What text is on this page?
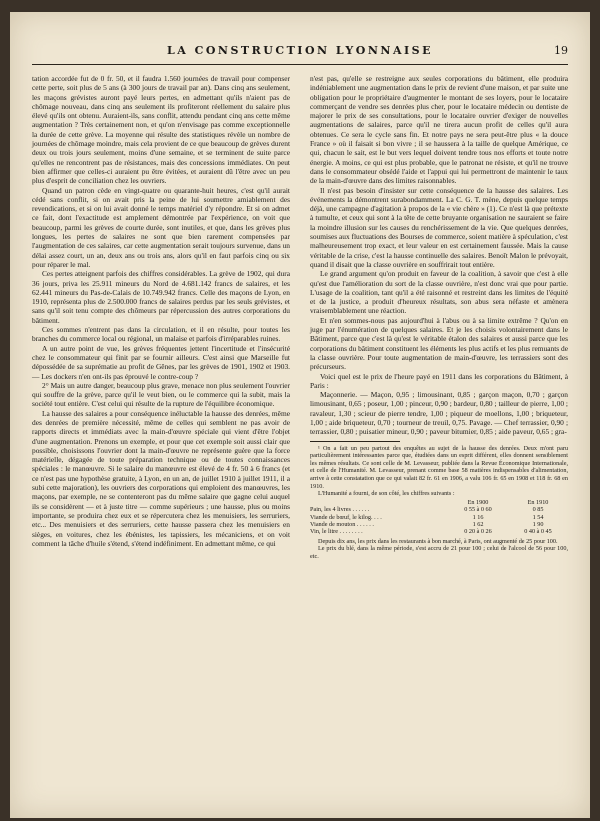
LA CONSTRUCTION LYONNAISE	19

tation accordée fut de 0 fr. 50, et il faudra 1.560 journées de travail pour compenser cette perte, soit plus de 5 ans (à 300 jours de travail par an). Dans cinq ans seulement, les maçons grévistes auront payé leurs pertes, en admettant qu'ils n'aient pas de chômage nouveau, dans cinq ans seulement ils profiteront réellement du salaire plus élevé qu'ils ont obtenu. Auraient-ils, sans conflit, attendu pendant cinq ans cette même augmentation ? Très certainement non, et qu'on n'envisage pas comme exceptionnelle la durée de cette grève. La moyenne qui résulte des statistiques révèle un nombre de journées de chômage moindre, mais cela provient de ce que beaucoup de grèves durent deux ou trois jours seulement, moins d'une semaine, et se terminent de suite parce qu'elles ne rencontrent pas de résistances, mais des concessions immédiates. On peut bien affirmer que celles-ci auraient pu être évitées, et auraient dû l'être avec un peu plus d'esprit de conciliation chez les ouvriers.

Quand un patron cède en vingt-quatre ou quarante-huit heures, c'est qu'il aurait cédé sans conflit, si on avait pris la peine de lui soumettre amiablement des revendications, et si on lui avait donné le temps matériel d'y répondre. Et si on admet ce fait, dont l'exactitude est amplement démontrée par l'expérience, on voit que beaucoup, parmi les grèves de courte durée, sont inutiles, et que, dans les grèves plus longues, les pertes de salaires ne sont que bien rarement compensées par l'augmentation de ces salaires, car cette augmentation serait toujours survenue, dans un délai assez court, un an, deux ans ou trois ans, alors qu'il en faut parfois cinq ou six pour réparer le mal.

Ces pertes atteignent parfois des chiffres considérables. La grève de 1902, qui dura 36 jours, priva les 25.911 mineurs du Nord de 4.681.142 francs de salaires, et les 62.441 mineurs du Pas-de-Calais de 10.749.942 francs. Celle des maçons de Lyon, en 1910, représenta plus de 2.500.000 francs de salaires perdus par les seuls grévistes, et sans qu'il soit tenu compte des chômeurs par répercussion des autres corporations du bâtiment.

Ces sommes n'entrent pas dans la circulation, et il en résulte, pour toutes les branches du commerce local ou régional, un malaise et parfois d'irréparables ruines.

A un autre point de vue, les grèves fréquentes jettent l'incertitude et l'insécurité chez le consommateur qui finit par se fournir ailleurs. C'est ainsi que Marseille fut dépossédée de sa suprématie au profit de Gênes, par les grèves de 1901, 1902 et 1903. — Les dockers n'en ont-ils pas éprouvé le contre-coup ?

2° Mais un autre danger, beaucoup plus grave, menace non plus seulement l'ouvrier qui souffre de la grève, parce qu'il le veut bien, ou le commerce qui la subit, mais la société tout entière. C'est celui qui résulte de la rupture de l'équilibre économique.

La hausse des salaires a pour conséquence inéluctable la hausse des denrées, même des denrées de première nécessité, même de celles qui semblent ne pas avoir de rapports directs et immédiats avec la main-d'œuvre spéciale qui vient d'être l'objet d'une augmentation. Prenons un exemple, et pour que cet exemple soit aussi clair que possible, choisissons l'ouvrier dont la main-d'œuvre ne représente guère que la force matérielle, dégagée de toute préparation technique ou de toutes connaissances spéciales : le manœuvre. Si le salaire du manœuvre est élevé de 4 fr. 50 à 6 francs (et ce n'est pas une hypothèse gratuite, à Lyon, en un an, de juillet 1910 à juillet 1911, il a subi cette majoration), les ouvriers des corporations qui emploient des manœuvres, les maçons, par exemple, ne se contenteront pas du même salaire que gagne celui auquel ils se considèrent — et à juste titre — comme supérieurs ; une hausse, plus ou moins importante, se produira chez eux et se répercutera chez les menuisiers, les serruriers, etc... Des menuisiers et des serruriers, cette hausse passera chez les menuisiers en sièges, en voitures, chez les ébénistes, les tapissiers, les mécaniciens, et on voit comment la tâche d'huile s'étend, s'étend indéfiniment. En admettant même, ce qui

n'est pas, qu'elle se restreigne aux seules corporations du bâtiment, elle produira indéniablement une augmentation dans le prix de revient d'une maison, et par suite une obligation pour le propriétaire d'augmenter le montant de ses loyers, pour le locataire commerçant de vendre ses denrées plus cher, pour le locataire médecin ou dentiste de majorer le prix de ses consultations, pour le locataire ouvrier d'exiger de nouvelles augmentations de salaires, parce qu'il ne tirera aucun profit de celles qu'il aura obtenues. Ce sera le cycle sans fin. Et notre pays ne sera peut-être plus « la douce France » où il faisait si bon vivre ; il se haussera à la taille de quelque Amérique, ce qui, chacun le sait, est le but vers lequel doivent tendre tous nos efforts et toute notre énergie. A moins, ce qui est plus probable, que le patronat ne résiste, et qu'il ne trouve dans le consommateur obsédé l'aide et l'appui qui lui permettront de maintenir le taux de la main-d'œuvre dans des limites raisonnables.

Il n'est pas besoin d'insister sur cette conséquence de la hausse des salaires. Les événements la démontrent surabondamment. La C. G. T. mène, depuis quelque temps déjà, une campagne d'agitation à propos de la « vie chère » (1). Ce n'est là que prétexte à tumulte, et ceux qui sont à la tête de cette bruyante organisation ne sauraient se faire la moindre illusion sur les causes du renchérissement de la vie. Que quelques denrées, soumises aux fluctuations des Bourses de commerce, soient matière à spéculation, c'est malheureusement trop exact, et leur valeur en est certainement faussée. Mais la cause véritable de la crise, c'est la hausse continuelle des salaires. Benoît Malon le prévoyait, quand il disait que la classe ouvrière en souffrirait tout entière.

Le grand argument qu'on produit en faveur de la coalition, à savoir que c'est à elle qu'est due l'amélioration du sort de la classe ouvrière, n'est donc vrai que pour partie. L'usage de la coalition, tant qu'il a été raisonné et restreint dans les limites de l'équité et de la justice, a produit d'heureux résultats, son abus sera néfaste et amènera vraisemblablement une réaction.

Et n'en sommes-nous pas aujourd'hui à l'abus ou à sa limite extrême ? Qu'on en juge par l'énumération de quelques salaires. Et je les choisis volontairement dans le Bâtiment, parce que c'est là qu'est le véritable étalon des salaires et aussi parce que les corporations du bâtiment constituent les éléments les plus actifs et les plus remuants de la classe ouvrière. Pour toute augmentation de main-d'œuvre, les terrassiers sont des précurseurs.

Voici quel est le prix de l'heure payé en 1911 dans les corporations du Bâtiment, à Paris :

Maçonnerie. — Maçon, 0,95 ; limousinant, 0,85 ; garçon maçon, 0,70 ; garçon limousinant, 0,65 ; poseur, 1,00 ; pinceur, 0,90 ; bardeur, 0,80 ; tailleur de pierre, 1,00 ; ravaleur, 1,30 ; scieur de pierre tendre, 1,00 ; piqueur de moellons, 1,00 ; briqueteur, 1,00 ; aide briqueteur, 0,70 ; tourneur de treuil, 0,75. Pavage. — Chef terrassier, 0,90 ; terrassier, 0,80 ; puisatier mineur, 0,90 ; paveur bitumier, 0,85 ; aide paveur, 0,65 ; gra-

¹ On a fait un peu partout des enquêtes au sujet de la hausse des denrées. Deux m'ont paru particulièrement intéressantes parce que, étudiées dans un esprit différent, elles donnent sensiblement les mêmes résultats. Ce sont celle de M. Levasseur, publiée dans la Revue Économique Internationale, et celle de l'Humanité. M. Levasseur, prenant comme base 58 matières indispensables d'alimentation, arrive à cette constatation que ce qui valait 82 fr. 61 en 1906, a valu 106 fr. 65 en 1908 et 118 fr. 68 en 1910.

L'Humanité a fourni, de son côté, les chiffres suivants :

	En 1900	En 1910
Pain, les 4 livres . . . . . .	0 55 à 0 60	0 85
Viande de bœuf, le kilog. . . .	1 16	1 54
Viande de mouton . . . . . .	1 62	1 90
Vin, le litre . . . . . . . .	0 20 à 0 26	0 40 à 0 45

Depuis dix ans, les prix dans les restaurants à bon marché, à Paris, ont augmenté de 25 pour 100.

Le prix du blé, dans la même période, s'est accru de 21 pour 100 ; celui de l'alcool de 56 pour 100, etc.
